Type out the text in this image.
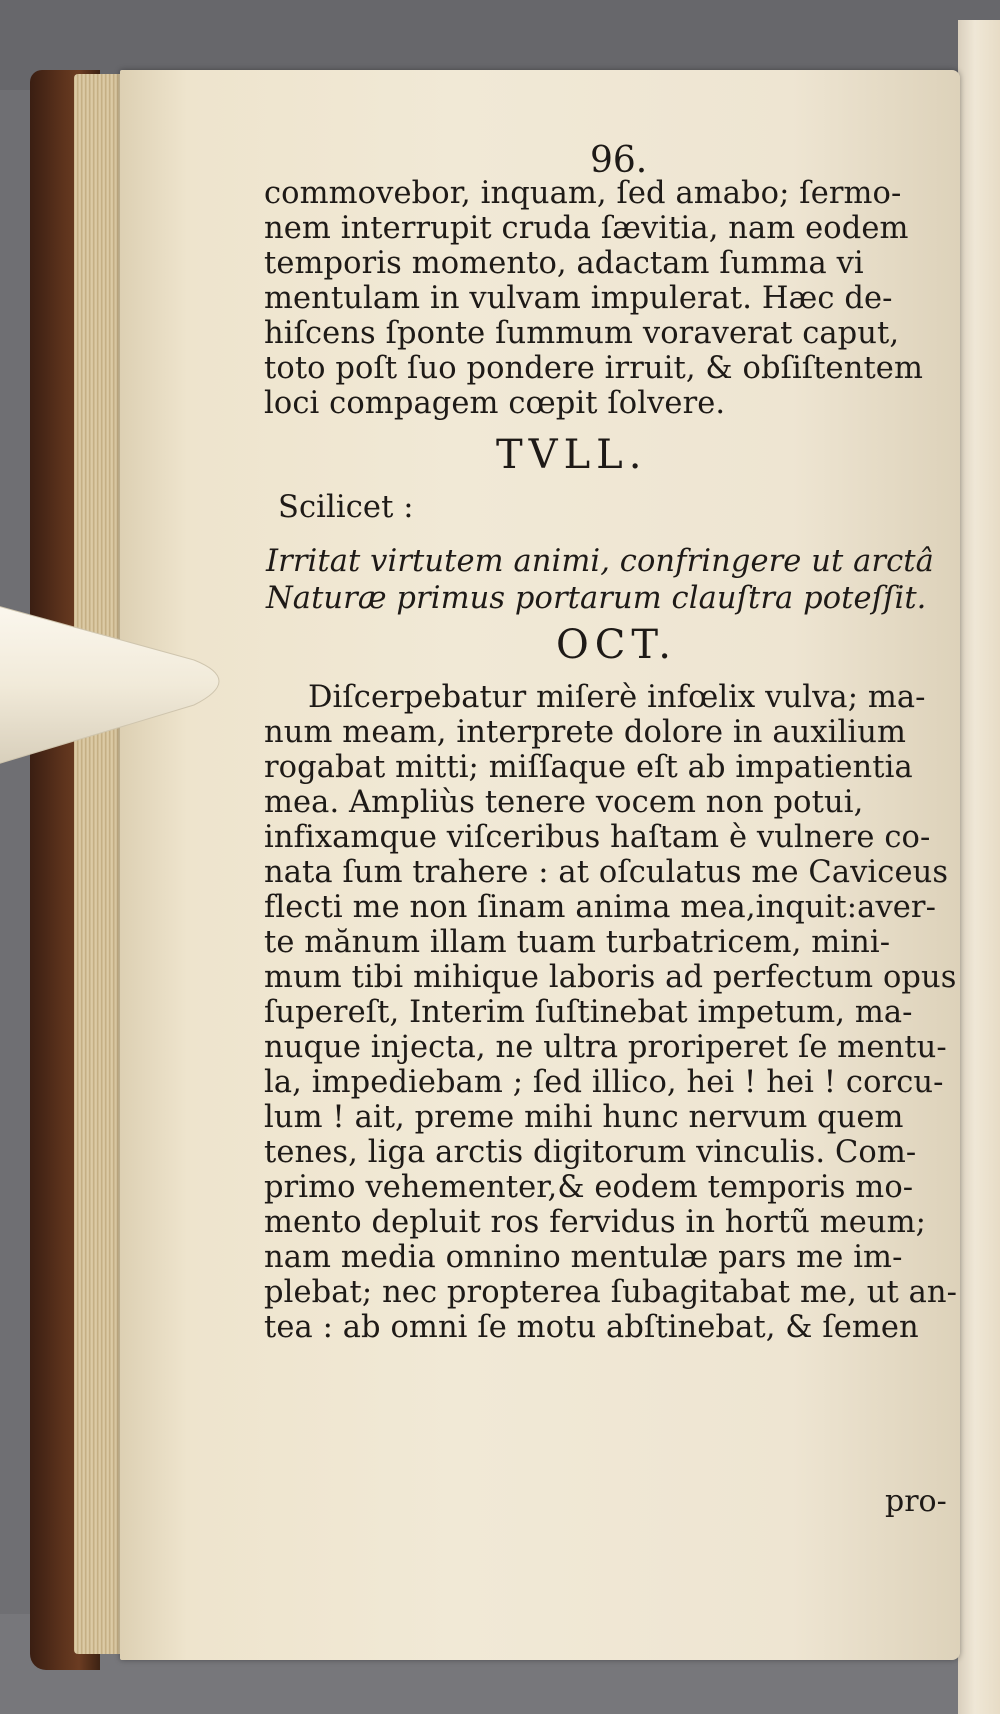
96.
commovebor, inquam, ſed amabo; ſermo-
nem interrupit cruda ſævitia, nam eodem
temporis momento, adactam ſumma vi
mentulam in vulvam impulerat. Hæc de-
hiſcens ſponte ſummum voraverat caput,
toto poſt ſuo pondere irruit, & obſiſtentem
loci compagem cœpit ſolvere.
TVLL.
Scilicet :
Irritat virtutem animi, confringere ut arctâ
Naturæ primus portarum clauſtra poteſſit.
OCT.
Diſcerpebatur miſerè infœlix vulva; ma-
num meam, interprete dolore in auxilium
rogabat mitti; miſſaque eſt ab impatientia
mea. Ampliùs tenere vocem non potui,
infixamque viſceribus haſtam è vulnere co-
nata ſum trahere : at oſculatus me Caviceus
flecti me non ſinam anima mea,inquit:aver-
te mănum illam tuam turbatricem, mini-
mum tibi mihique laboris ad perfectum opus
ſupereſt, Interim ſuſtinebat impetum, ma-
nuque injecta, ne ultra proriperet ſe mentu-
la, impediebam ; ſed illico, hei ! hei ! corcu-
lum ! ait, preme mihi hunc nervum quem
tenes, liga arctis digitorum vinculis. Com-
primo vehementer,& eodem temporis mo-
mento depluit ros fervidus in hortũ meum;
nam media omnino mentulæ pars me im-
plebat; nec propterea ſubagitabat me, ut an-
tea : ab omni ſe motu abſtinebat, & ſemen
pro-
